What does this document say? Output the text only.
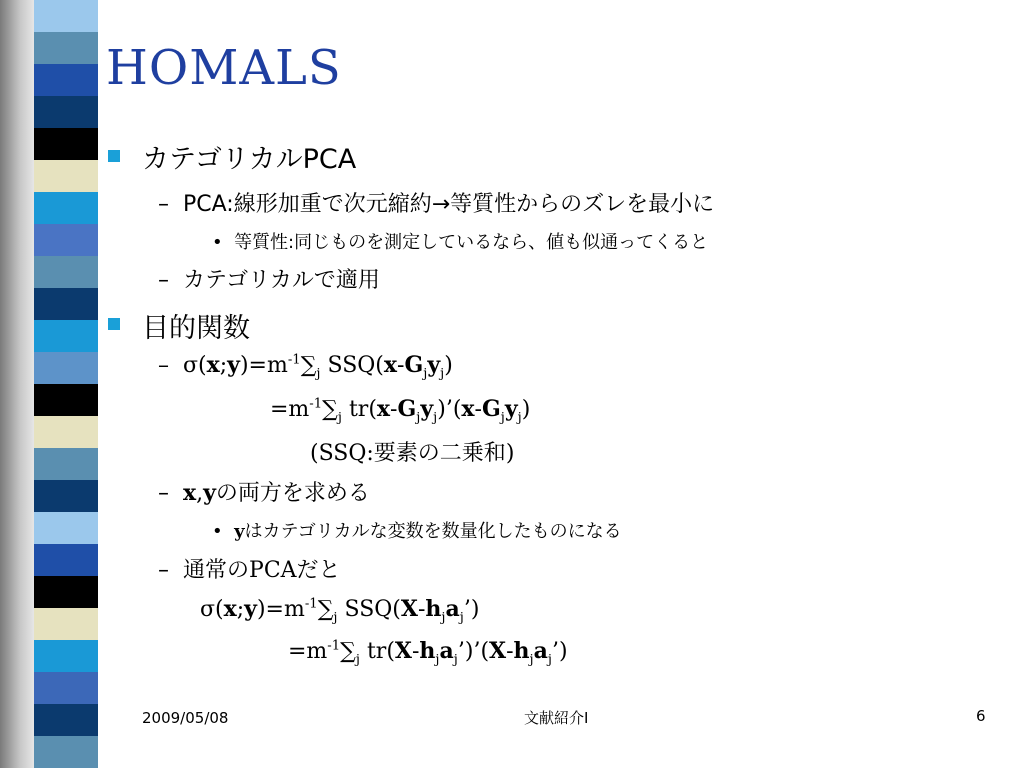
HOMALS
カテゴリカルPCA
–  PCA:線形加重で次元縮約→等質性からのズレを最小に
•  等質性:同じものを測定しているなら、値も似通ってくると
–  カテゴリカルで適用
目的関数
–  $\sigma(x;y)=m^{-1}\sum_j$ $SSQ(x-G_jy_j)$
$=m^{-1}\sum_j$ $tr(x-G_jy_j)’(x-G_jy_j)$
(SSQ:要素の二乗和)
–  x,yの両方を求める
•  yはカテゴリカルな変数を数量化したものになる
–  通常のPCAだと
$\sigma(x;y)=m^{-1}\sum_j$ $SSQ(X-h_ja_j’)$
$=m^{-1}\sum_j$ $tr(X-h_ja_j’)’(X-h_ja_j’)$
2009/05/08	文献紹介I	6
